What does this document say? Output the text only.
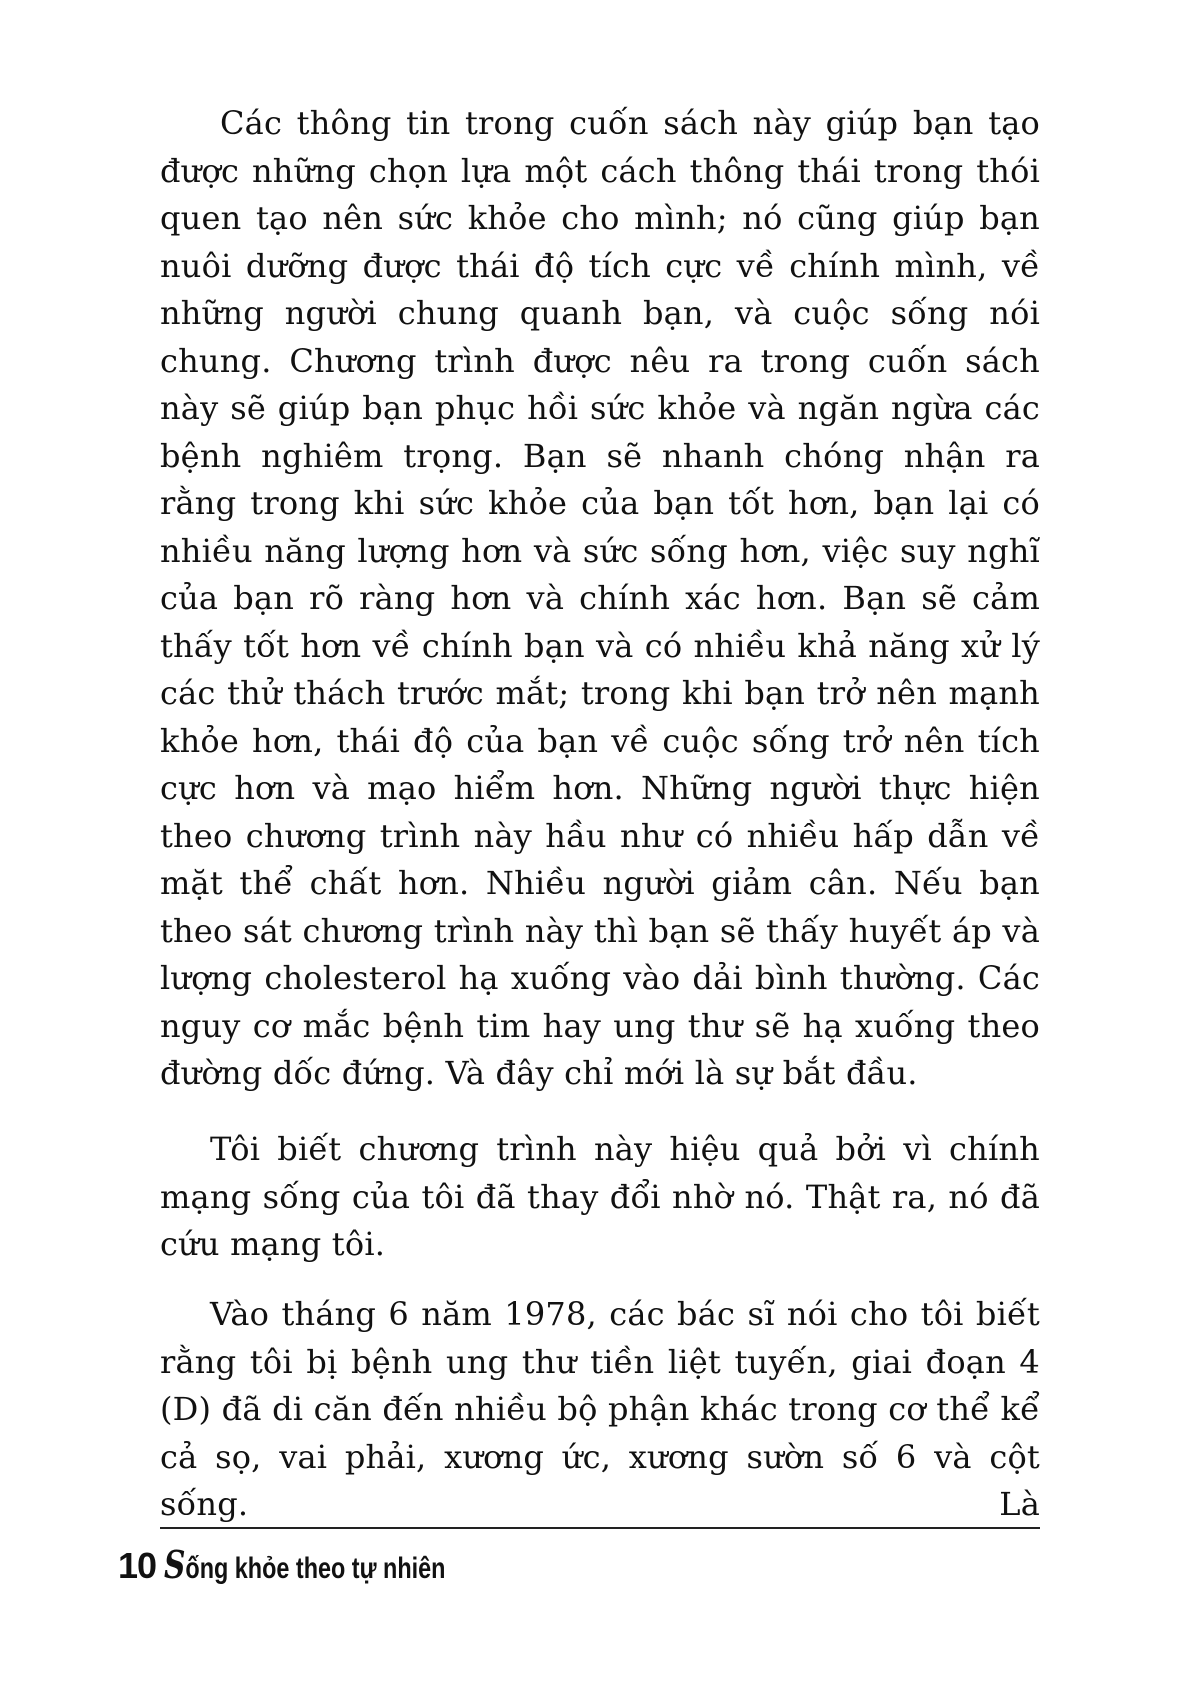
Các thông tin trong cuốn sách này giúp bạn tạo được những chọn lựa một cách thông thái trong thói quen tạo nên sức khỏe cho mình; nó cũng giúp bạn nuôi dưỡng được thái độ tích cực về chính mình, về những người chung quanh bạn, và cuộc sống nói chung. Chương trình được nêu ra trong cuốn sách này sẽ giúp bạn phục hồi sức khỏe và ngăn ngừa các bệnh nghiêm trọng. Bạn sẽ nhanh chóng nhận ra rằng trong khi sức khỏe của bạn tốt hơn, bạn lại có nhiều năng lượng hơn và sức sống hơn, việc suy nghĩ của bạn rõ ràng hơn và chính xác hơn. Bạn sẽ cảm thấy tốt hơn về chính bạn và có nhiều khả năng xử lý các thử thách trước mắt; trong khi bạn trở nên mạnh khỏe hơn, thái độ của bạn về cuộc sống trở nên tích cực hơn và mạo hiểm hơn. Những người thực hiện theo chương trình này hầu như có nhiều hấp dẫn về mặt thể chất hơn. Nhiều người giảm cân. Nếu bạn theo sát chương trình này thì bạn sẽ thấy huyết áp và lượng cholesterol hạ xuống vào dải bình thường. Các nguy cơ mắc bệnh tim hay ung thư sẽ hạ xuống theo đường dốc đứng. Và đây chỉ mới là sự bắt đầu.

Tôi biết chương trình này hiệu quả bởi vì chính mạng sống của tôi đã thay đổi nhờ nó. Thật ra, nó đã cứu mạng tôi.

Vào tháng 6 năm 1978, các bác sĩ nói cho tôi biết rằng tôi bị bệnh ung thư tiền liệt tuyến, giai đoạn 4 (D) đã di căn đến nhiều bộ phận khác trong cơ thể kể cả sọ, vai phải, xương ức, xương sườn số 6 và cột sống. Là

10 Sống khỏe theo tự nhiên
